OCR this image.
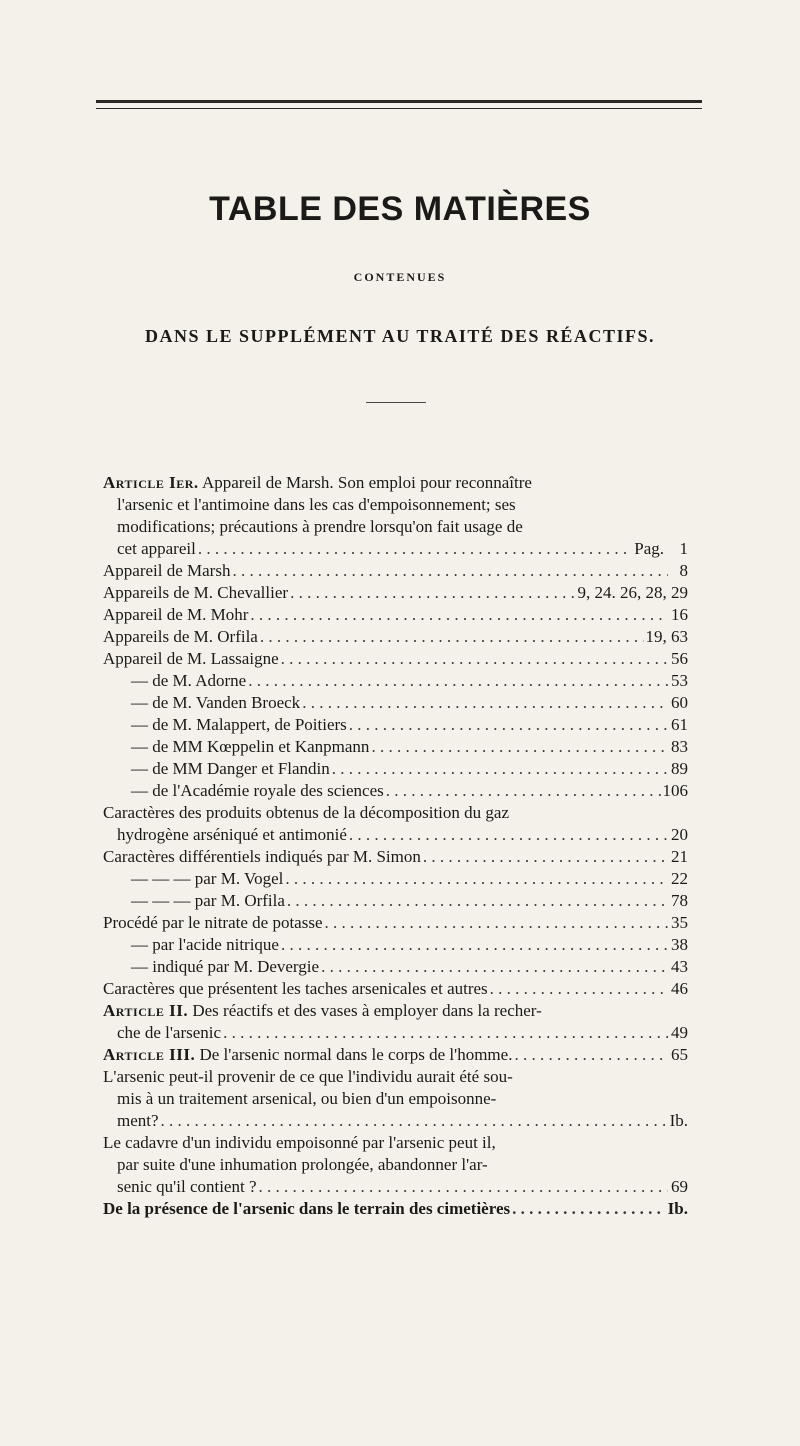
TABLE DES MATIÈRES
CONTENUES
DANS LE SUPPLÉMENT AU TRAITÉ DES RÉACTIFS.
Article Ier. Appareil de Marsh. Son emploi pour reconnaître
l'arsenic et l'antimoine dans les cas d'empoisonnement; ses
modifications; précautions à prendre lorsqu'on fait usage de
cet appareil . . .	Pag. 1
Appareil de Marsh . . .	8
Appareils de M. Chevallier . . .	9, 24. 26, 28, 29
Appareil de M. Mohr . . .	16
Appareils de M. Orfila . . .	19, 63
Appareil de M. Lassaigne . . .	56
— de M. Adorne . . .	53
— de M. Vanden Broeck . . .	60
— de M. Malappert, de Poitiers . . .	61
— de MM Kœppelin et Kanpmann . . .	83
— de MM Danger et Flandin . . .	89
— de l'Académie royale des sciences . . .	106
Caractères des produits obtenus de la décomposition du gaz
hydrogène arséniqué et antimonié . . .	20
Caractères différentiels indiqués par M. Simon . . .	21
— — — par M. Vogel . . .	22
— — — par M. Orfila . . .	78
Procédé par le nitrate de potasse . . .	35
— par l'acide nitrique . . .	38
— indiqué par M. Devergie . . .	43
Caractères que présentent les taches arsenicales et autres . . .	46
Article II. Des réactifs et des vases à employer dans la recher-
che de l'arsenic . . .	49
Article III. De l'arsenic normal dans le corps de l'homme. . . .	65
L'arsenic peut-il provenir de ce que l'individu aurait été sou-
mis à un traitement arsenical, ou bien d'un empoisonne-
ment? . . .	Ib.
Le cadavre d'un individu empoisonné par l'arsenic peut il,
par suite d'une inhumation prolongée, abandonner l'ar-
senic qu'il contient ? . . .	69
De la présence de l'arsenic dans le terrain des cimetières . . .	Ib.
